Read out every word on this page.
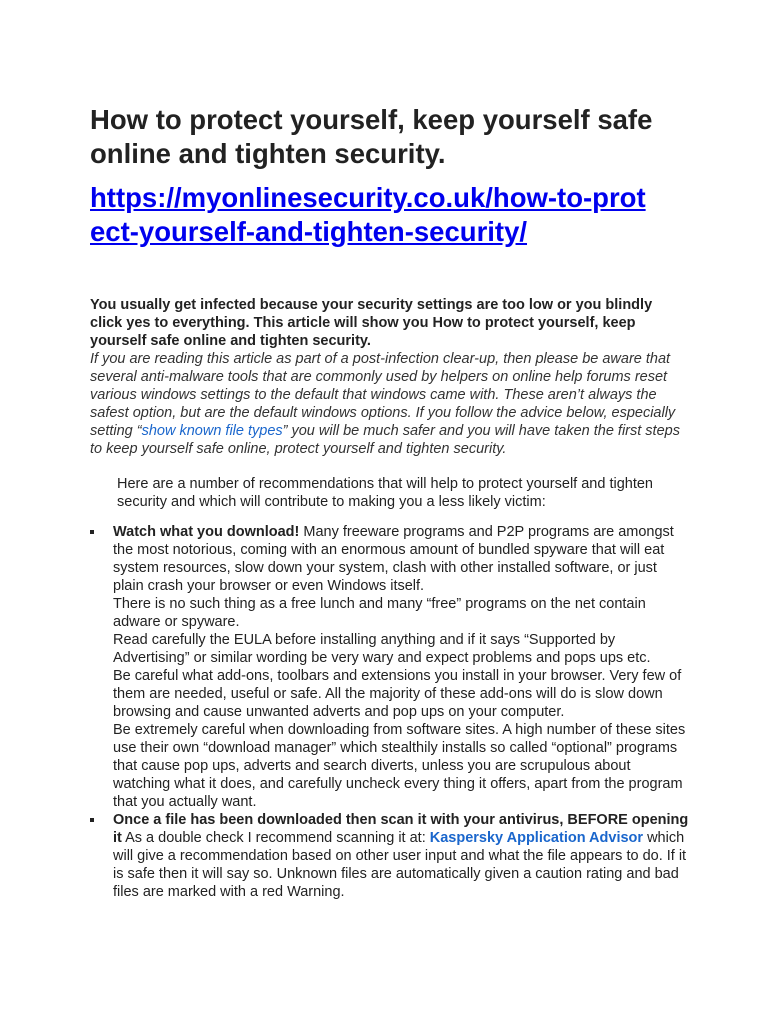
How to protect yourself, keep yourself safe online and tighten security.
https://myonlinesecurity.co.uk/how-to-protect-yourself-and-tighten-security/

You usually get infected because your security settings are too low or you blindly click yes to everything. This article will show you How to protect yourself, keep yourself safe online and tighten security.

If you are reading this article as part of a post-infection clear-up, then please be aware that several anti-malware tools that are commonly used by helpers on online help forums reset various windows settings to the default that windows came with. These aren’t always the safest option, but are the default windows options. If you follow the advice below, especially setting “show known file types” you will be much safer and you will have taken the first steps to keep yourself safe online, protect yourself and tighten security.

Here are a number of recommendations that will help to protect yourself and tighten security and which will contribute to making you a less likely victim:

Watch what you download! Many freeware programs and P2P programs are amongst the most notorious, coming with an enormous amount of bundled spyware that will eat system resources, slow down your system, clash with other installed software, or just plain crash your browser or even Windows itself.

There is no such thing as a free lunch and many “free” programs on the net contain adware or spyware.

Read carefully the EULA before installing anything and if it says “Supported by Advertising” or similar wording be very wary and expect problems and pops ups etc.

Be careful what add-ons, toolbars and extensions you install in your browser. Very few of them are needed, useful or safe. All the majority of these add-ons will do is slow down browsing and cause unwanted adverts and pop ups on your computer.

Be extremely careful when downloading from software sites. A high number of these sites use their own “download manager” which stealthily installs so called “optional” programs that cause pop ups, adverts and search diverts, unless you are scrupulous about watching what it does, and carefully uncheck every thing it offers, apart from the program that you actually want.

Once a file has been downloaded then scan it with your antivirus, BEFORE opening it As a double check I recommend scanning it at: Kaspersky Application Advisor which will give a recommendation based on other user input and what the file appears to do. If it is safe then it will say so. Unknown files are automatically given a caution rating and bad files are marked with a red Warning.
